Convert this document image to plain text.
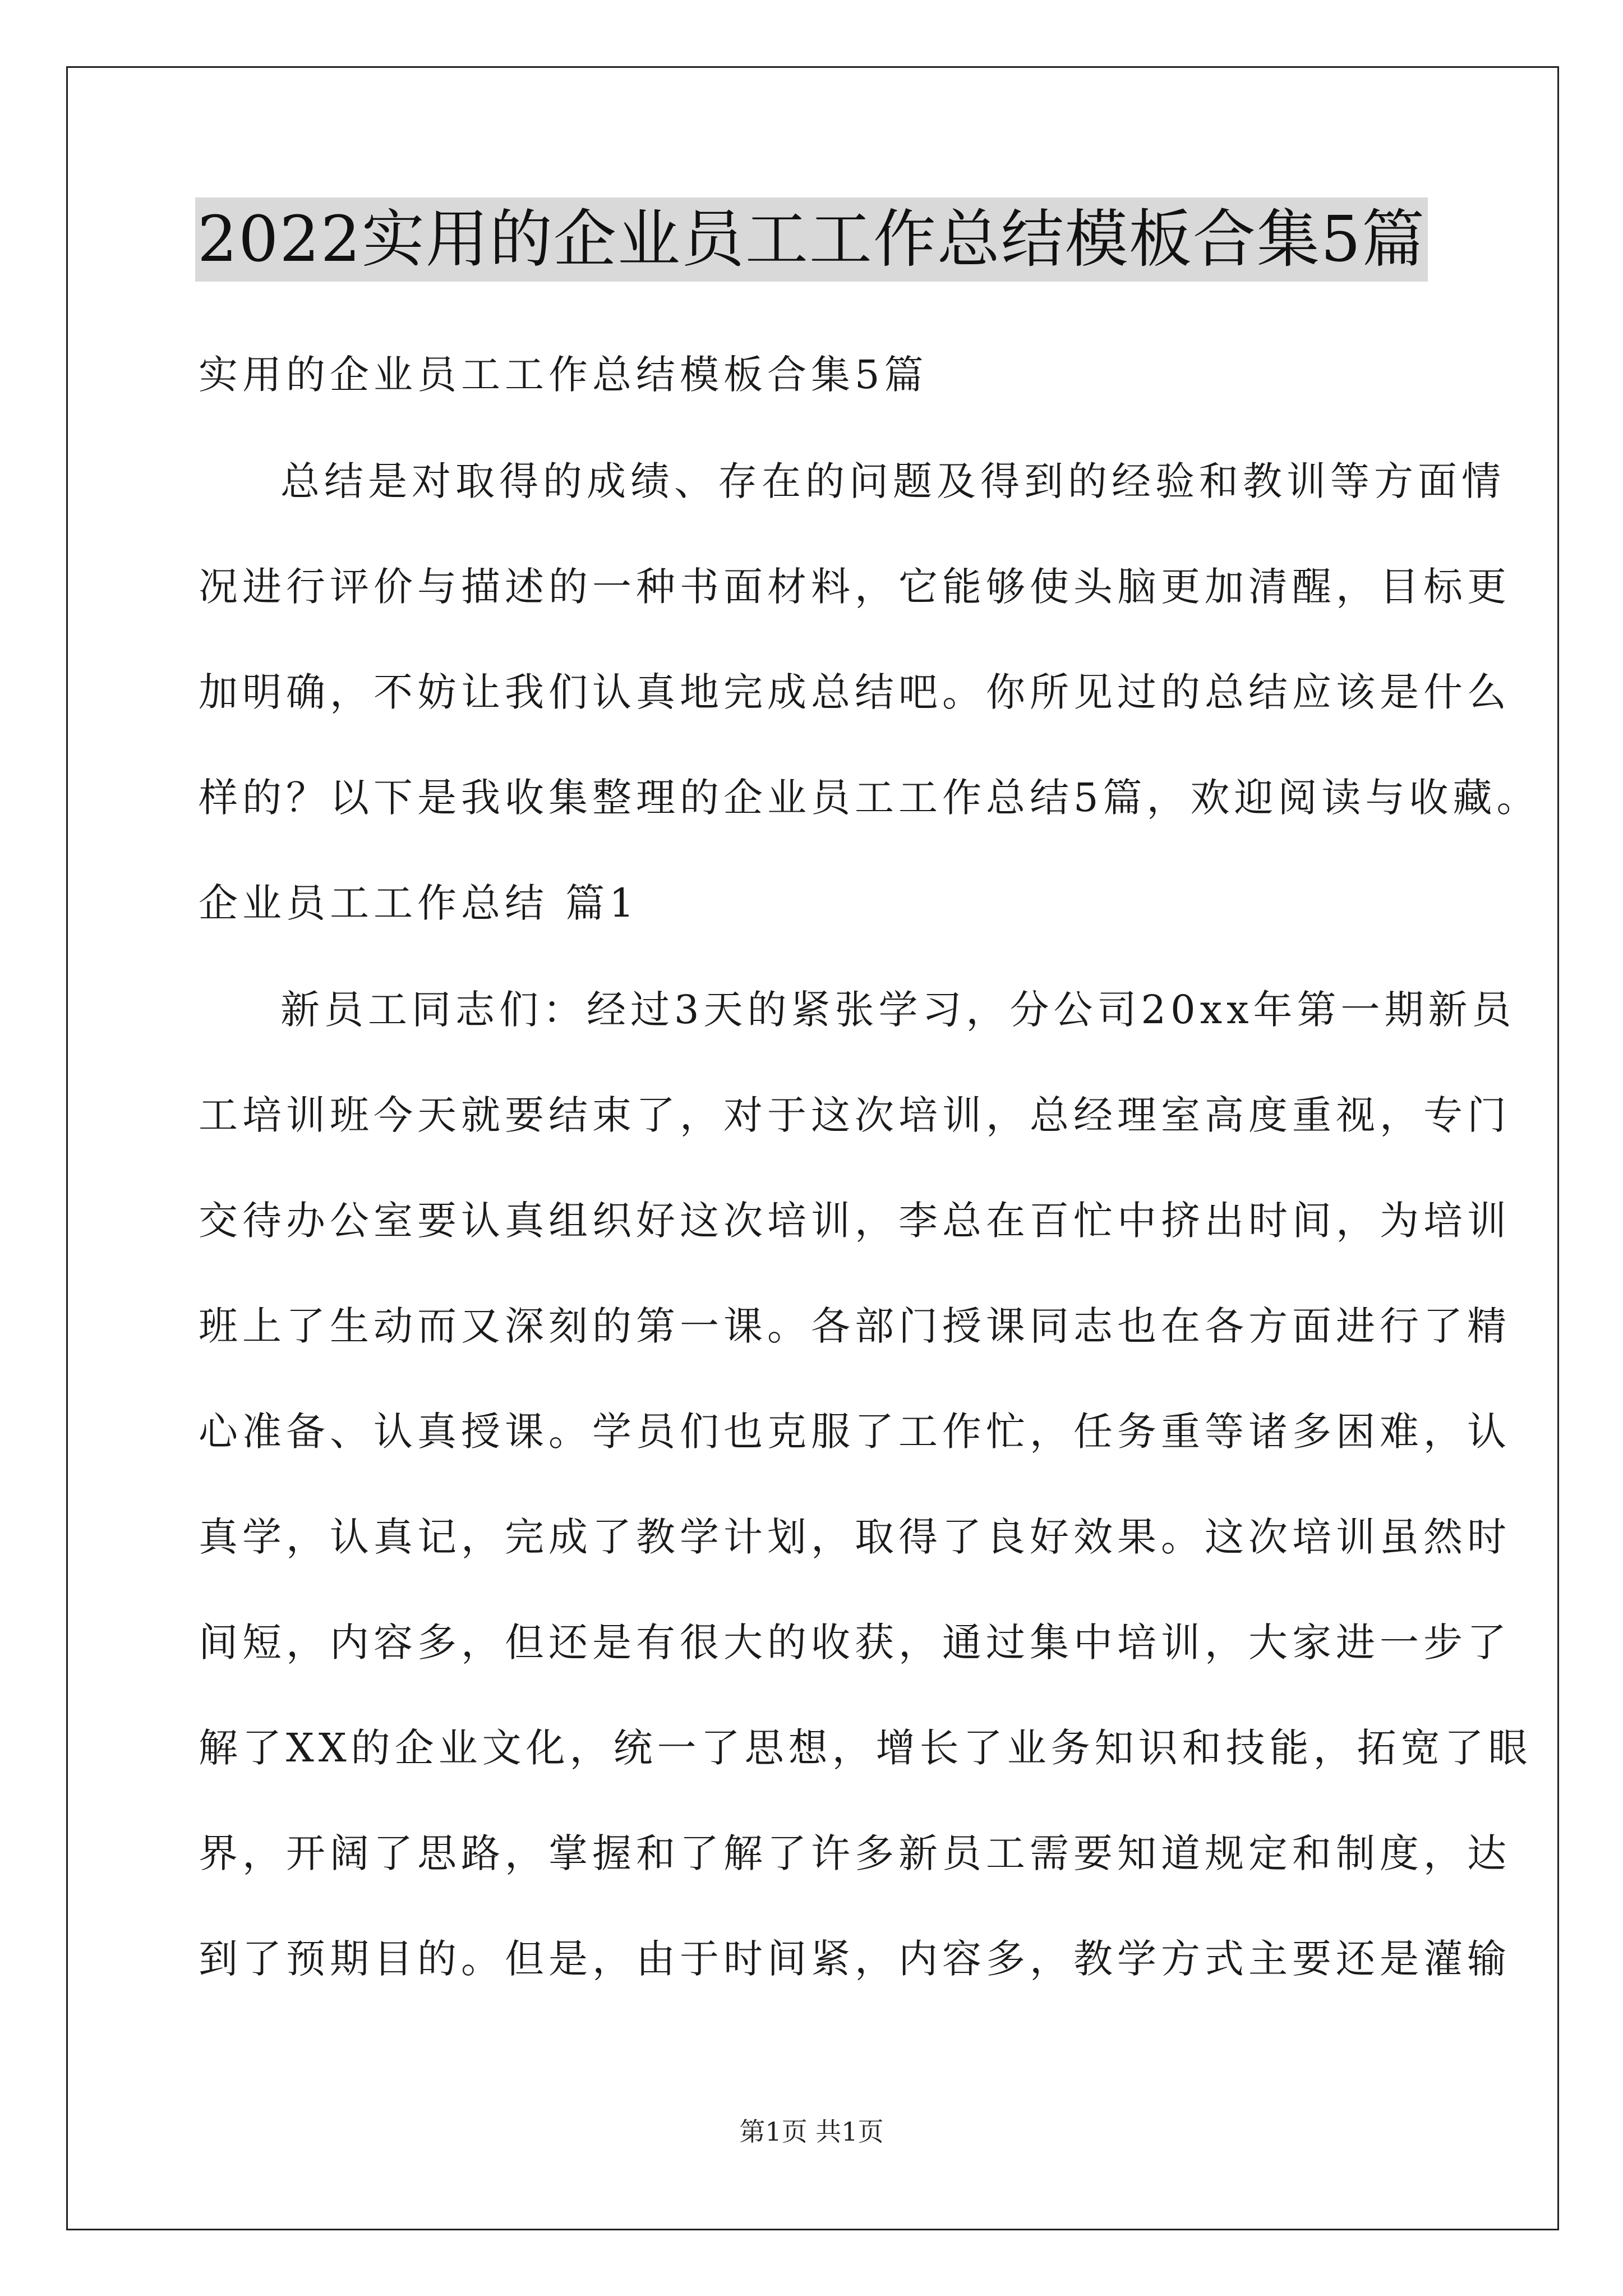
2022实用的企业员工工作总结模板合集5篇
实用的企业员工工作总结模板合集5篇
总结是对取得的成绩、存在的问题及得到的经验和教训等方面情
况进行评价与描述的一种书面材料，它能够使头脑更加清醒，目标更
加明确，不妨让我们认真地完成总结吧。你所见过的总结应该是什么
样的？以下是我收集整理的企业员工工作总结5篇，欢迎阅读与收藏。
企业员工工作总结 篇1
新员工同志们：经过3天的紧张学习，分公司20xx年第一期新员
工培训班今天就要结束了，对于这次培训，总经理室高度重视，专门
交待办公室要认真组织好这次培训，李总在百忙中挤出时间，为培训
班上了生动而又深刻的第一课。各部门授课同志也在各方面进行了精
心准备、认真授课。学员们也克服了工作忙，任务重等诸多困难，认
真学，认真记，完成了教学计划，取得了良好效果。这次培训虽然时
间短，内容多，但还是有很大的收获，通过集中培训，大家进一步了
解了XX的企业文化，统一了思想，增长了业务知识和技能，拓宽了眼
界，开阔了思路，掌握和了解了许多新员工需要知道规定和制度，达
到了预期目的。但是，由于时间紧，内容多，教学方式主要还是灌输
第1页 共1页
